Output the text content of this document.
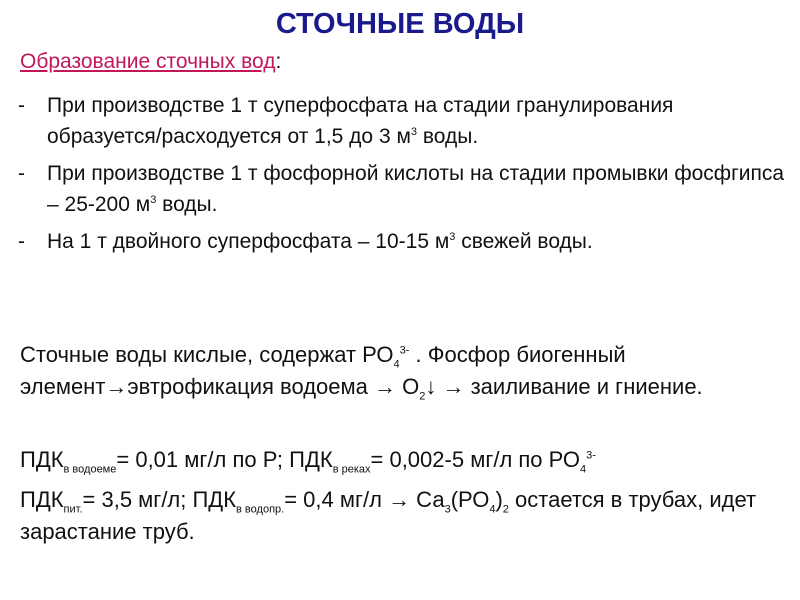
СТОЧНЫЕ ВОДЫ
Образование сточных вод:
-	При производстве 1 т суперфосфата на стадии гранулирования образуется/расходуется от 1,5 до 3 $м^3$ воды.
-	При производстве 1 т фосфорной кислоты на стадии промывки фосфгипса – 25-200 $м^3$ воды.
-	На 1 т двойного суперфосфата – 10-15 $м^3$ свежей воды.
Сточные воды кислые, содержат $РО_4^{3-}$ . Фосфор биогенный элемент→эвтрофикация водоема → $О_2↓$ → заиливание и гниение.
$ПДК_{в водоеме}= 0,01$ мг/л по Р; $ПДК_{в реках}= 0,002-5$ мг/л по $РО_4^{3-}$
$ПДК_{пит.}= 3,5$ мг/л; $ПДК_{в водопр.}= 0,4$ $мг/л \to Са_3(РО_4)_2$ остается в трубах, идет зарастание труб.
